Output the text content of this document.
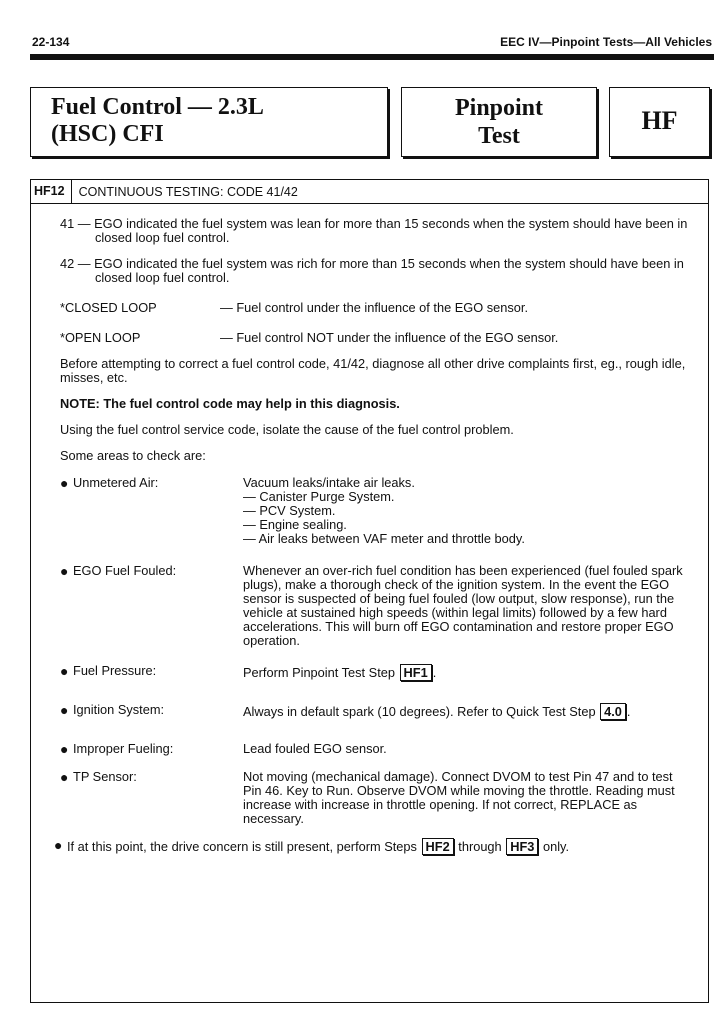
22-134	EEC IV—Pinpoint Tests—All Vehicles
Fuel Control — 2.3L
(HSC) CFI
Pinpoint
Test
HF
HF12	CONTINUOUS TESTING: CODE 41/42
41 — EGO indicated the fuel system was lean for more than 15 seconds when the system should have been in closed loop fuel control.
42 — EGO indicated the fuel system was rich for more than 15 seconds when the system should have been in closed loop fuel control.
*CLOSED LOOP	— Fuel control under the influence of the EGO sensor.
*OPEN LOOP	— Fuel control NOT under the influence of the EGO sensor.
Before attempting to correct a fuel control code, 41/42, diagnose all other drive complaints first, eg., rough idle, misses, etc.
NOTE: The fuel control code may help in this diagnosis.
Using the fuel control service code, isolate the cause of the fuel control problem.
Some areas to check are:
● Unmetered Air:	Vacuum leaks/intake air leaks.
— Canister Purge System.
— PCV System.
— Engine sealing.
— Air leaks between VAF meter and throttle body.
● EGO Fuel Fouled:	Whenever an over-rich fuel condition has been experienced (fuel fouled spark plugs), make a thorough check of the ignition system. In the event the EGO sensor is suspected of being fuel fouled (low output, slow response), run the vehicle at sustained high speeds (within legal limits) followed by a few hard accelerations. This will burn off EGO contamination and restore proper EGO operation.
● Fuel Pressure:	Perform Pinpoint Test Step HF1 .
● Ignition System:	Always in default spark (10 degrees). Refer to Quick Test Step 4.0 .
● Improper Fueling:	Lead fouled EGO sensor.
● TP Sensor:	Not moving (mechanical damage). Connect DVOM to test Pin 47 and to test Pin 46. Key to Run. Observe DVOM while moving the throttle. Reading must increase with increase in throttle opening. If not correct, REPLACE as necessary.
● If at this point, the drive concern is still present, perform Steps HF2 through HF3 only.
